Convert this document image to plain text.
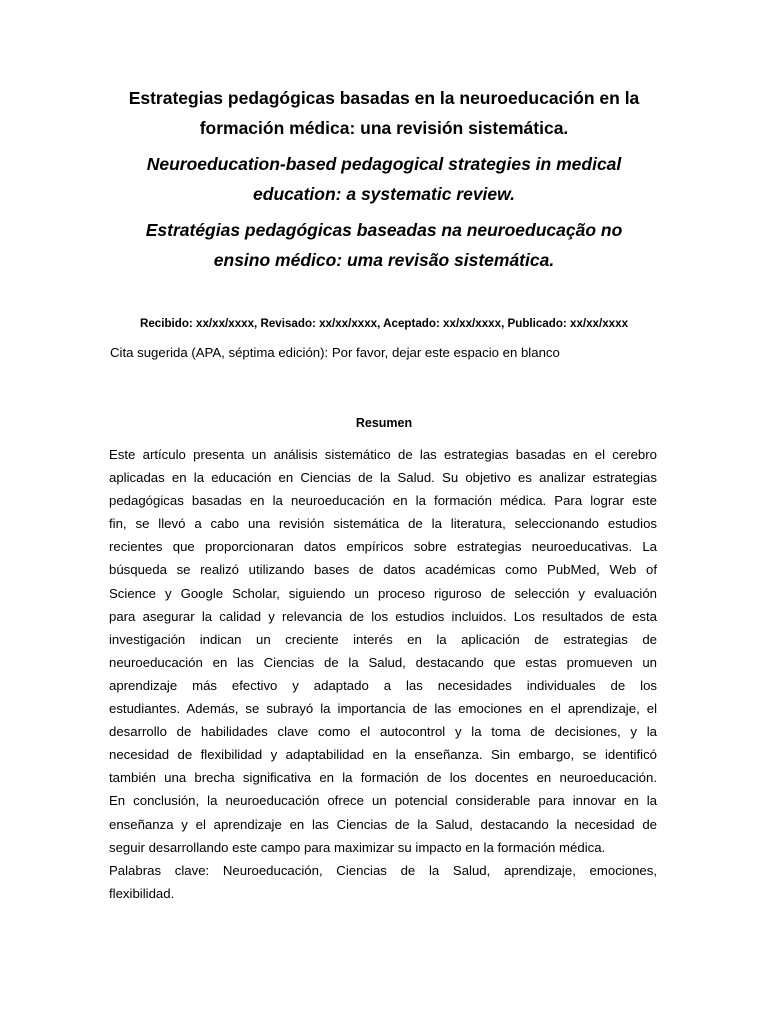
Estrategias pedagógicas basadas en la neuroeducación en la
formación médica: una revisión sistemática.
Neuroeducation-based pedagogical strategies in medical
education: a systematic review.
Estratégias pedagógicas baseadas na neuroeducação no
ensino médico: uma revisão sistemática.

Recibido: xx/xx/xxxx, Revisado: xx/xx/xxxx, Aceptado: xx/xx/xxxx, Publicado: xx/xx/xxxx

Cita sugerida (APA, séptima edición): Por favor, dejar este espacio en blanco

Resumen
Este artículo presenta un análisis sistemático de las estrategias basadas en el cerebro
aplicadas en la educación en Ciencias de la Salud. Su objetivo es analizar estrategias
pedagógicas basadas en la neuroeducación en la formación médica. Para lograr este
fin, se llevó a cabo una revisión sistemática de la literatura, seleccionando estudios
recientes que proporcionaran datos empíricos sobre estrategias neuroeducativas. La
búsqueda se realizó utilizando bases de datos académicas como PubMed, Web of
Science y Google Scholar, siguiendo un proceso riguroso de selección y evaluación
para asegurar la calidad y relevancia de los estudios incluidos. Los resultados de esta
investigación indican un creciente interés en la aplicación de estrategias de
neuroeducación en las Ciencias de la Salud, destacando que estas promueven un
aprendizaje más efectivo y adaptado a las necesidades individuales de los
estudiantes. Además, se subrayó la importancia de las emociones en el aprendizaje, el
desarrollo de habilidades clave como el autocontrol y la toma de decisiones, y la
necesidad de flexibilidad y adaptabilidad en la enseñanza. Sin embargo, se identificó
también una brecha significativa en la formación de los docentes en neuroeducación.
En conclusión, la neuroeducación ofrece un potencial considerable para innovar en la
enseñanza y el aprendizaje en las Ciencias de la Salud, destacando la necesidad de
seguir desarrollando este campo para maximizar su impacto en la formación médica.
Palabras clave: Neuroeducación, Ciencias de la Salud, aprendizaje, emociones,
flexibilidad.
